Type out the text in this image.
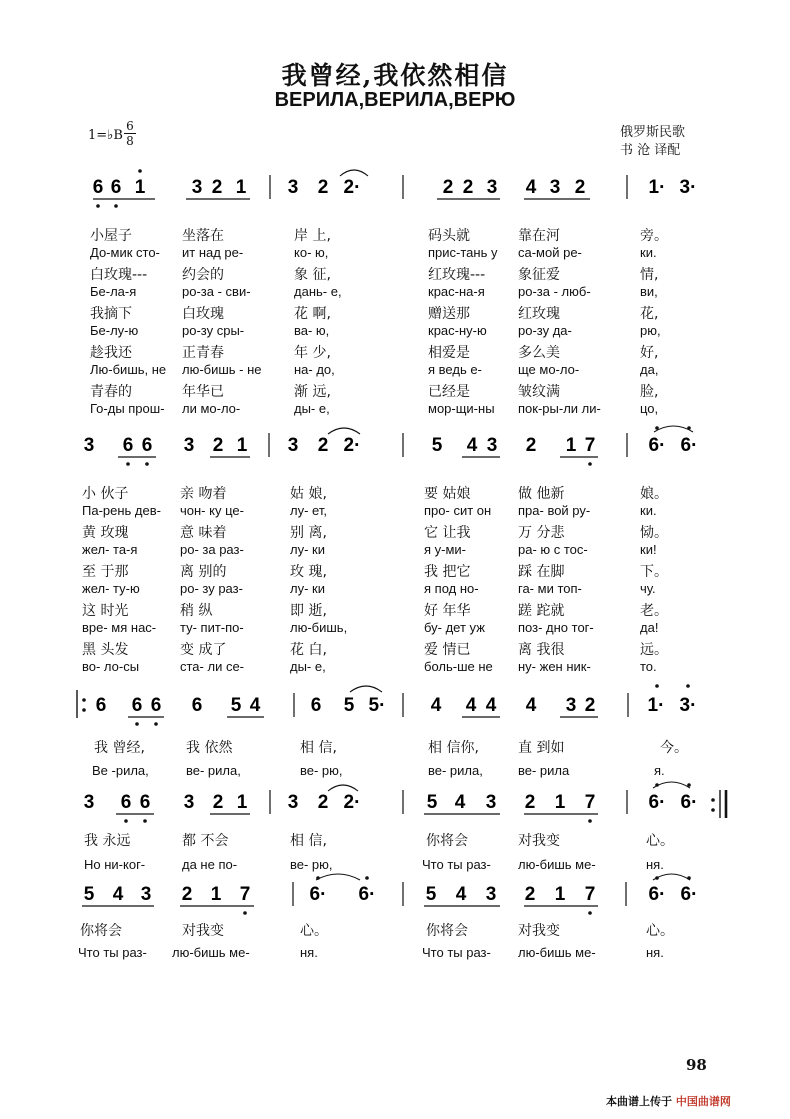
我曾经,我依然相信
ВЕРИЛА,ВЕРИЛА,ВЕРЮ
1=♭B
6
8
俄罗斯民歌
书 沧 译配
6 6 1 3 2 1 3 2 2·	2 2 3 4 3 2	1· 3·
3 6 6 3 2 1 3 2 2·	5 4 3 2 1 7	6· 6·
6 6 6 6 5 4	6 5 5· 4 4 4 4 3 2	1· 3·
3 6 6 3 2 1 3 2 2·	5 4 3 2 1 7	6· 6·
5 4 3 2 1 7	6· 6·	5 4 3 2 1 7	6· 6·
小屋子	坐落在	岸 上,	码头就	靠在河	旁。
До-мик сто- ит над ре-	ко- ю,	прис-тань у са-мой ре-	ки.
白玫瑰--- 约会的	象 征,	红玫瑰--- 象征爱	情,
Бе-ла-я	ро-за - сви-	дань- е,	крас-на-я	ро-за - люб-	ви,
我摘下	白玫瑰	花 啊,	赠送那	红玫瑰	花,
Бе-лу-ю	ро-зу сры-	ва- ю,	крас-ну-ю ро-зу да-	рю,
趁我还	正青春	年 少,	相爱是	多么美	好,
Лю-бишь, не лю-бишь - не на- до,	я ведь е-	ще мо-ло-	да,
青春的	年华已	渐 远,	已经是	皱纹满	脸,
Го-ды прош- ли мо-ло-	ды- е,	мор-щи-ны пок-ры-ли ли-	цо,
小 伙子	亲 吻着	姑 娘,	要 姑娘	做 他新	娘。
Па-рень дев- чон- ку це-	лу- ет,	про- сит он пра- вой ру-	ки.
黄 玫瑰	意 味着	别 离,	它 让我	万 分悲	恸。
жел- та-я	ро- за раз-	лу- ки	я у-ми-	ра- ю с тос-	ки!
至 于那	离 别的	玫 瑰,	我 把它	踩 在脚	下。
жел- ту-ю	ро- зу раз-	лу- ки	я под но-	га- ми топ-	чу.
这 时光	稍 纵	即 逝,	好 年华	蹉 跎就	老。
вре- мя нас- ту- пит-по-	лю-бишь,	бу- дет уж	поз- дно тог-	да!
黑 头发	变 成了	花 白,	爱 情已	离 我很	远。
во- ло-сы	ста- ли се-	ды- е,	боль-ше не ну- жен ник-	то.
我 曾经,	我 依然	相 信,	相 信你,	直 到如	今。
Ве -рила,	ве- рила,	ве- рю,	ве- рила,	ве- рила	я.
我 永远	都 不会	相 信,	你将会	对我变	心。
Но ни-ког-	да не по-	ве- рю,	Что ты раз- лю-бишь ме-	ня.
你将会	对我变	心。	你将会	对我变	心。
Что ты раз- лю-бишь ме-	ня.	Что ты раз- лю-бишь ме-	ня.
98
本曲谱上传于 中国曲谱网
